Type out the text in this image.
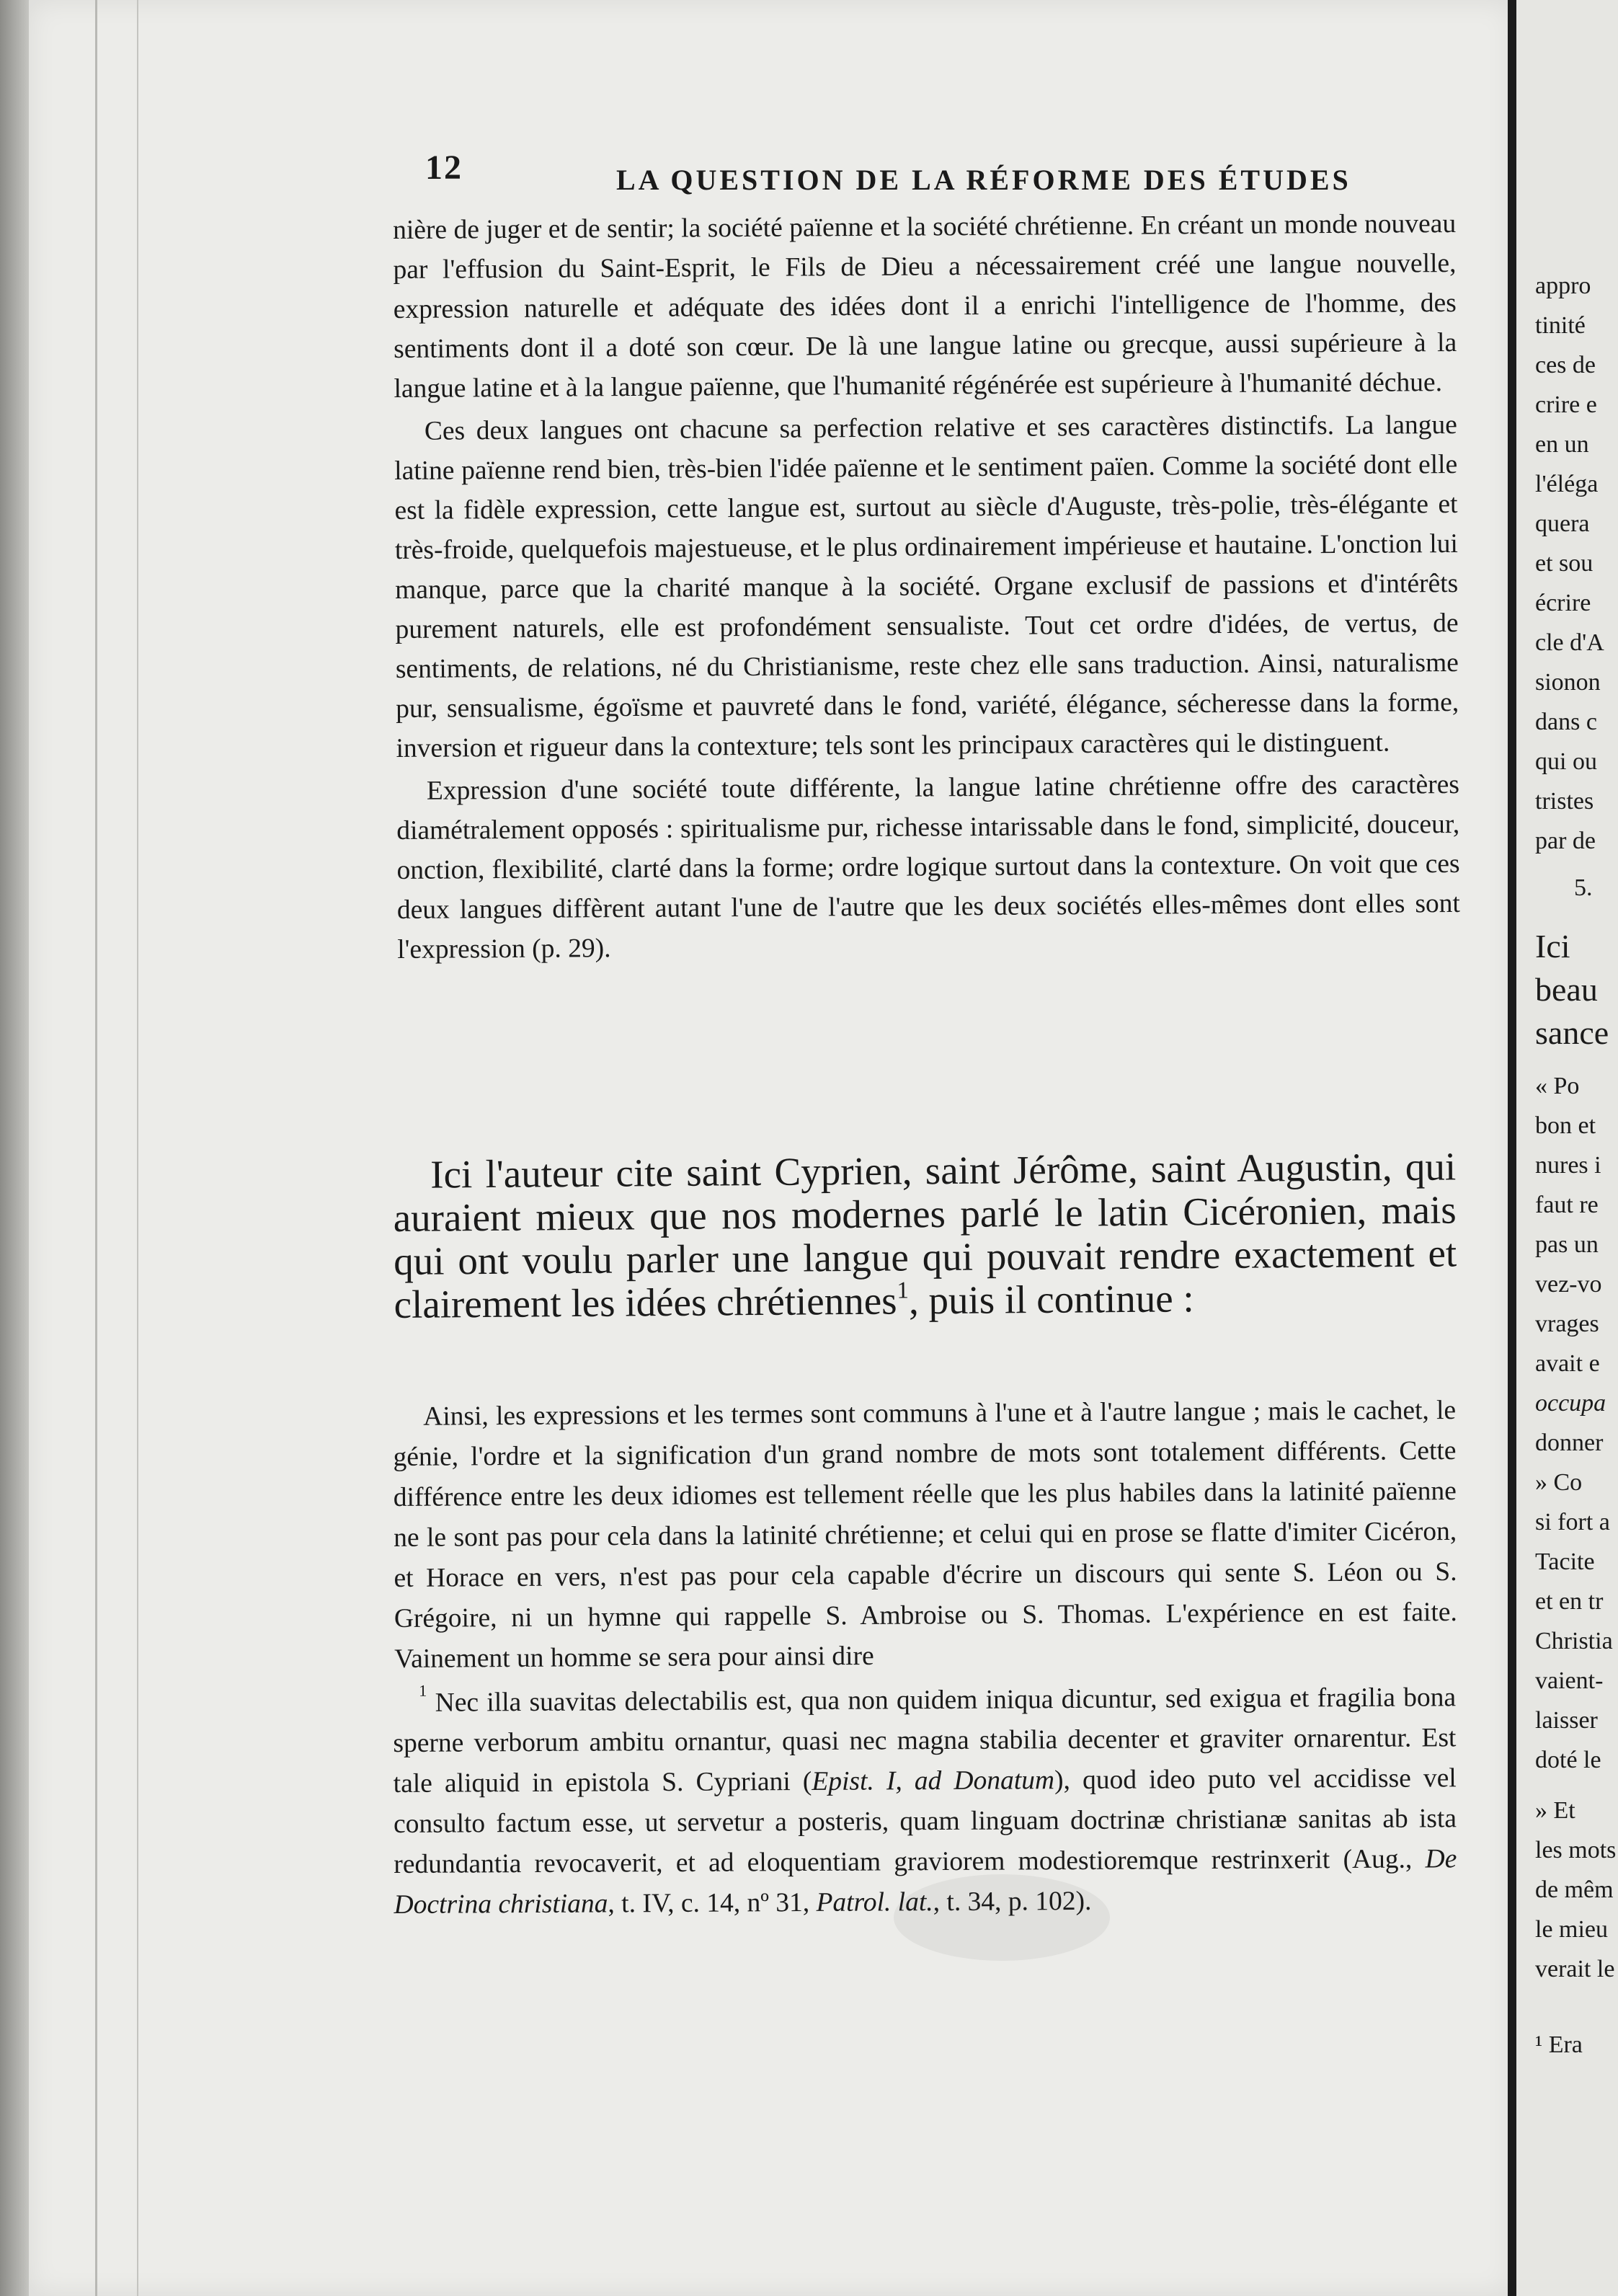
12	LA QUESTION DE LA RÉFORME DES ÉTUDES

nière de juger et de sentir; la société païenne et la société chrétienne. En créant un monde nouveau par l'effusion du Saint-Esprit, le Fils de Dieu a nécessairement créé une langue nouvelle, expression naturelle et adéquate des idées dont il a enrichi l'intelligence de l'homme, des sentiments dont il a doté son cœur. De là une langue latine ou grecque, aussi supérieure à la langue latine et à la langue païenne, que l'humanité régénérée est supérieure à l'humanité déchue.

Ces deux langues ont chacune sa perfection relative et ses caractères distinctifs. La langue latine païenne rend bien, très-bien l'idée païenne et le sentiment païen. Comme la société dont elle est la fidèle expression, cette langue est, surtout au siècle d'Auguste, très-polie, très-élégante et très-froide, quelquefois majestueuse, et le plus ordinairement impérieuse et hautaine. L'onction lui manque, parce que la charité manque à la société. Organe exclusif de passions et d'intérêts purement naturels, elle est profondément sensualiste. Tout cet ordre d'idées, de vertus, de sentiments, de relations, né du Christianisme, reste chez elle sans traduction. Ainsi, naturalisme pur, sensualisme, égoïsme et pauvreté dans le fond, variété, élégance, sécheresse dans la forme, inversion et rigueur dans la contexture; tels sont les principaux caractères qui le distinguent.

Expression d'une société toute différente, la langue latine chrétienne offre des caractères diamétralement opposés : spiritualisme pur, richesse intarissable dans le fond, simplicité, douceur, onction, flexibilité, clarté dans la forme; ordre logique surtout dans la contexture. On voit que ces deux langues diffèrent autant l'une de l'autre que les deux sociétés elles-mêmes dont elles sont l'expression (p. 29).

Ici l'auteur cite saint Cyprien, saint Jérôme, saint Augustin, qui auraient mieux que nos modernes parlé le latin Cicéronien, mais qui ont voulu parler une langue qui pouvait rendre exactement et clairement les idées chrétiennes$^1$, puis il continue :

Ainsi, les expressions et les termes sont communs à l'une et à l'autre langue ; mais le cachet, le génie, l'ordre et la signification d'un grand nombre de mots sont totalement différents. Cette différence entre les deux idiomes est tellement réelle que les plus habiles dans la latinité païenne ne le sont pas pour cela dans la latinité chrétienne; et celui qui en prose se flatte d'imiter Cicéron, et Horace en vers, n'est pas pour cela capable d'écrire un discours qui sente S. Léon ou S. Grégoire, ni un hymne qui rappelle S. Ambroise ou S. Thomas. L'expérience en est faite. Vainement un homme se sera pour ainsi dire

$^1$ Nec illa suavitas delectabilis est, qua non quidem iniqua dicuntur, sed exigua et fragilia bona sperne verborum ambitu ornantur, quasi nec magna stabilia decenter et graviter ornarentur. Est tale aliquid in epistola S. Cypriani (Epist. I, ad Donatum), quod ideo puto vel accidisse vel consulto factum esse, ut servetur a posteris, quam linguam doctrinæ christianæ sanitas ab ista redundantia revocaverit, et ad eloquentiam graviorem modestioremque restrinxerit (Aug., De Doctrina christiana, t. IV, c. 14, nº 31, Patrol. lat., t. 34, p. 102).

appro
tinité
ces de
crire e
en un
l'éléga
quera
et sou
écrire
cle d'A
sionon
dans c
qui ou
tristes
par de
5.
Ici
beau
sance
« Po
bon et
nures i
faut re
pas un
vez-vo
vrages
avait e
occupa
donner
» Co
si fort a
Tacite
et en tr
Christia
vaient-
laisser
doté le
» Et
les mots
de mêm
le mieu
verait le
¹ Era
